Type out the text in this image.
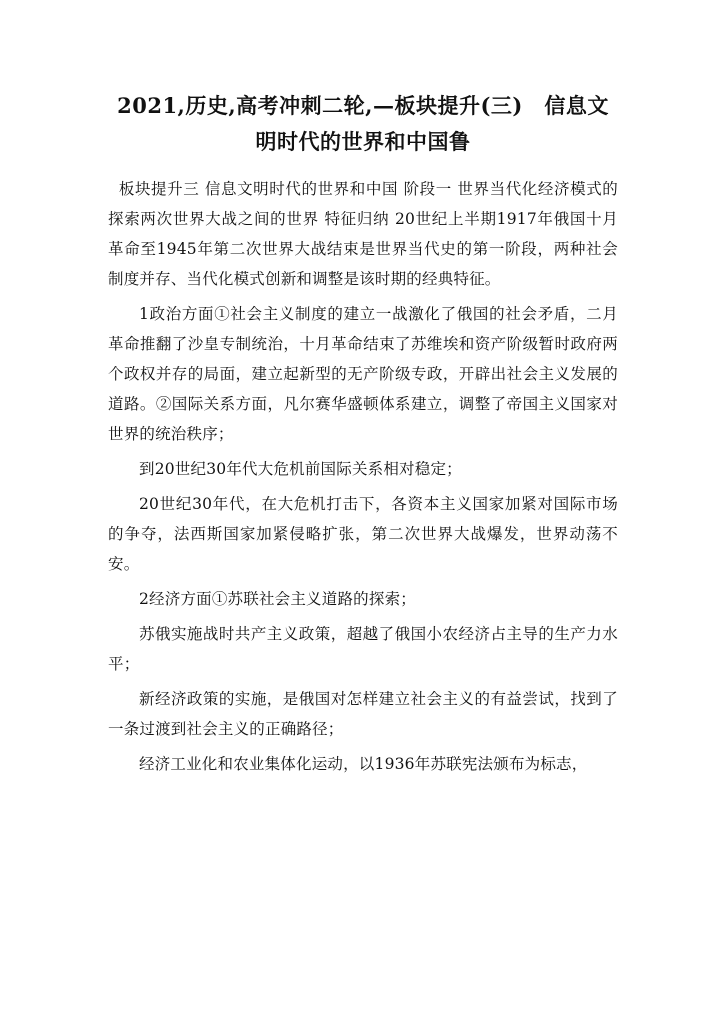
2021,历史,高考冲刺二轮,—板块提升(三)　信息文
明时代的世界和中国鲁

板块提升三 信息文明时代的世界和中国 阶段一 世界当代化经济模式的探索两次世界大战之间的世界 特征归纳 20世纪上半期1917年俄国十月革命至1945年第二次世界大战结束是世界当代史的第一阶段，两种社会制度并存、当代化模式创新和调整是该时期的经典特征。

1政治方面①社会主义制度的建立一战激化了俄国的社会矛盾，二月革命推翻了沙皇专制统治，十月革命结束了苏维埃和资产阶级暂时政府两个政权并存的局面，建立起新型的无产阶级专政，开辟出社会主义发展的道路。②国际关系方面，凡尔赛华盛顿体系建立，调整了帝国主义国家对世界的统治秩序；

到20世纪30年代大危机前国际关系相对稳定；

20世纪30年代，在大危机打击下，各资本主义国家加紧对国际市场的争夺，法西斯国家加紧侵略扩张，第二次世界大战爆发，世界动荡不安。

2经济方面①苏联社会主义道路的探索；

苏俄实施战时共产主义政策，超越了俄国小农经济占主导的生产力水平；

新经济政策的实施，是俄国对怎样建立社会主义的有益尝试，找到了一条过渡到社会主义的正确路径；

经济工业化和农业集体化运动，以1936年苏联宪法颁布为标志，
